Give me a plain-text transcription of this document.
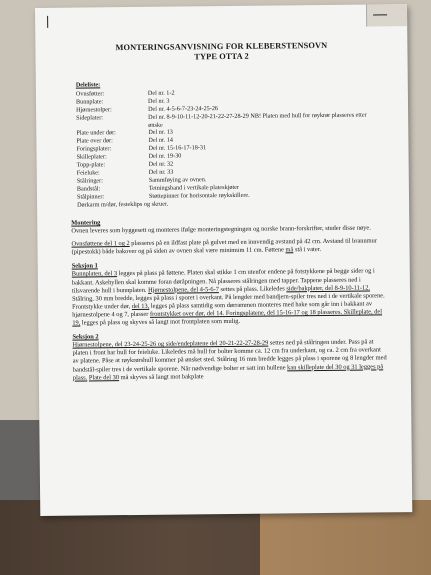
MONTERINGSANVISNING FOR KLEBERSTENSOVN
TYPE OTTA 2
Deleliste:
Ovnsføtter:	Del nr. 1-2
Bunnplate:	Del nr. 3
Hjørnestolper:	Del nr. 4-5-6-7-23-24-25-26
Sideplater:	Del nr. 8-9-10-11-12-20-21-22-27-28-29 NB! Platen med hull for røykrør plasseres etter ønske
Plate under dør:	Del nr. 13
Plate over dør:	Del nr. 14
Foringsplater:	Del nr. 15-16-17-18-31
Skilleplater:	Del nr. 19-30
Topp-plate:	Del nr. 32
Feieluke:	Del nr. 33
Stålringer:	Sammføying av ovnen.
Bandstål:	Tetningsband i vertikale plateskjøter
Stålpinner:	Støttepinner for horisontale røykskillere.
Dørkarm m/dør, festeklips og skruer.
Montering

Ovnen leveres som byggesett og monteres ifølge monteringstegningen og norske brann-forskrifter, studer disse nøye.

Ovnsføttene del 1 og 2 plasseres på en ildfast plate på gulvet med en innvendig avstand på 42 cm. Avstand til brannmur (pipestokk) både bakover og på siden av ovnen skal være minimum 11 cm. Føttene må stå i vater.

Seksjon 1

Bunnplaten, del 3 legges på plass på føttene. Platen skal stikke 1 cm utenfor endene på fotstykkene på begge sider og i bakkant. Askehyllen skal komme foran døråpningen. Nå plasseres stålringen med tapper. Tappene plasseres ned i tilsvarende hull i bunnplaten. Hjørnestolpene, del 4-5-6-7 settes på plass. Likeledes side/bakplater, del 8-9-10-11-12. Stålring, 30 mm bredde, legges på plass i sporet i overkant. På lengder med bandjern-spiler tres ned i de vertikale sporene. Frontstykke under dør, del 13, legges på plass samtidig som dørrammen monteres med hake som går inn i bakkant av hjørnestolpene 4 og 7, plasser frontstykket over dør, del 14. Foringsplatene, del 15-16-17 og 18 plasseres. Skilleplate, del 19, legges på plass og skyves så langt mot frontplaten som mulig.

Seksjon 2

Hjørnestolpene, del 23-24-25-26 og side/endeplatene del 20-21-22-27-28-29 settes ned på stålringen under. Pass på at platen i front har hull for feieluke. Likeledes må hull for bolter komme ca. 12 cm fra underkant, og ca. 2 cm fra overkant av platene. Påse at røykrørshull kommer på ønsket sted. Stålring 16 mm bredde legges på plass i sporene og 8 lengder med bandstål-spiler tres i de vertikale sporene. Når nødvendige bolter er satt inn hullene kan skilleplate del 30 og 31 legges på plass. Plate del 30 må skyves så langt mot bakplate
